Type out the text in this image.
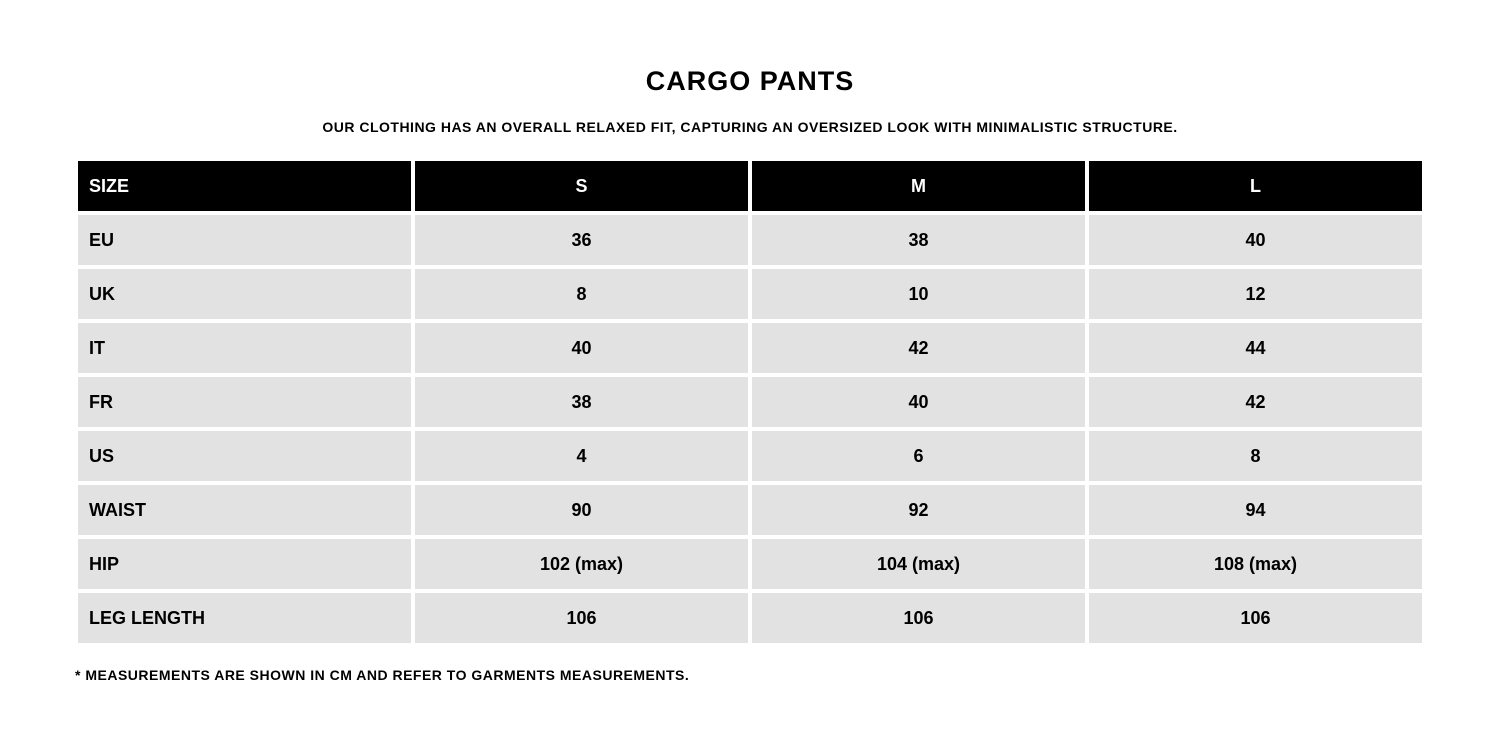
CARGO PANTS
OUR CLOTHING HAS AN OVERALL RELAXED FIT, CAPTURING AN OVERSIZED LOOK WITH MINIMALISTIC STRUCTURE.
SIZE	S	M	L
EU	36	38	40
UK	8	10	12
IT	40	42	44
FR	38	40	42
US	4	6	8
WAIST	90	92	94
HIP	102 (max)	104 (max)	108 (max)
LEG LENGTH	106	106	106
* MEASUREMENTS ARE SHOWN IN CM AND REFER TO GARMENTS MEASUREMENTS.
